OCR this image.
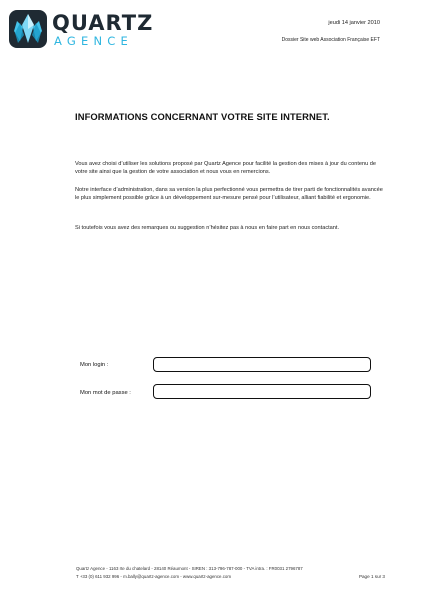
QUARTZ
AGENCE
jeudi 14 janvier 2010
Dossier Site web Association Française EFT
INFORMATIONS CONCERNANT VOTRE SITE INTERNET.

Vous avez choisi d’utiliser les solutions proposé par Quartz Agence pour facilité la gestion des mises à jour du contenu de votre site ainsi que la gestion de votre association et nous vous en remercions.

Notre interface d’administration, dans sa version la plus perfectionné vous permettra de tirer parti de fonctionnalités avancée le plus simplement possible grâce à un développement sur-mesure pensé pour l’utilisateur, alliant fiabilité et ergonomie.

Si toutefois vous avez des remarques ou suggestion n’hésitez pas à nous en faire part en nous contactant.

Mon login :
Mon mot de passe :
Quartz Agence - 1163 rte du chatelard - 28140 Réaumont - SIREN : 313-796-787-000 - TVA intra. : FR0031 2796787
T +33 (0) 611 932 996 - m.bally@quartz-agence.com - www.quartz-agence.com	Page 1 sur 3
